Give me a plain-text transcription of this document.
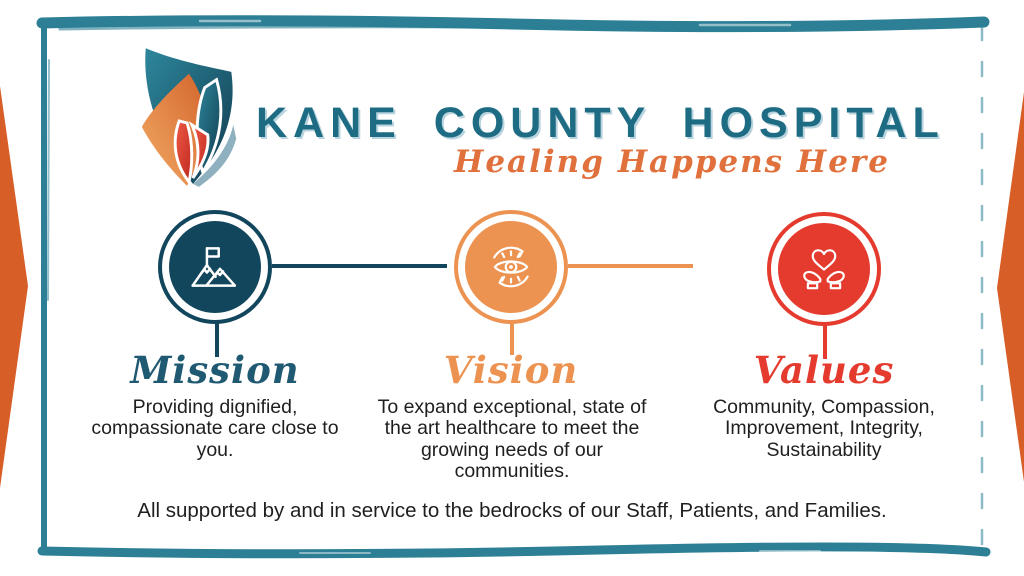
KANE COUNTY HOSPITAL
Healing Happens Here
Mission	Vision	Values
Providing dignified, compassionate care close to you.
To expand exceptional, state of the art healthcare to meet the growing needs of our communities.
Community, Compassion, Improvement, Integrity, Sustainability
All supported by and in service to the bedrocks of our Staff, Patients, and Families.
